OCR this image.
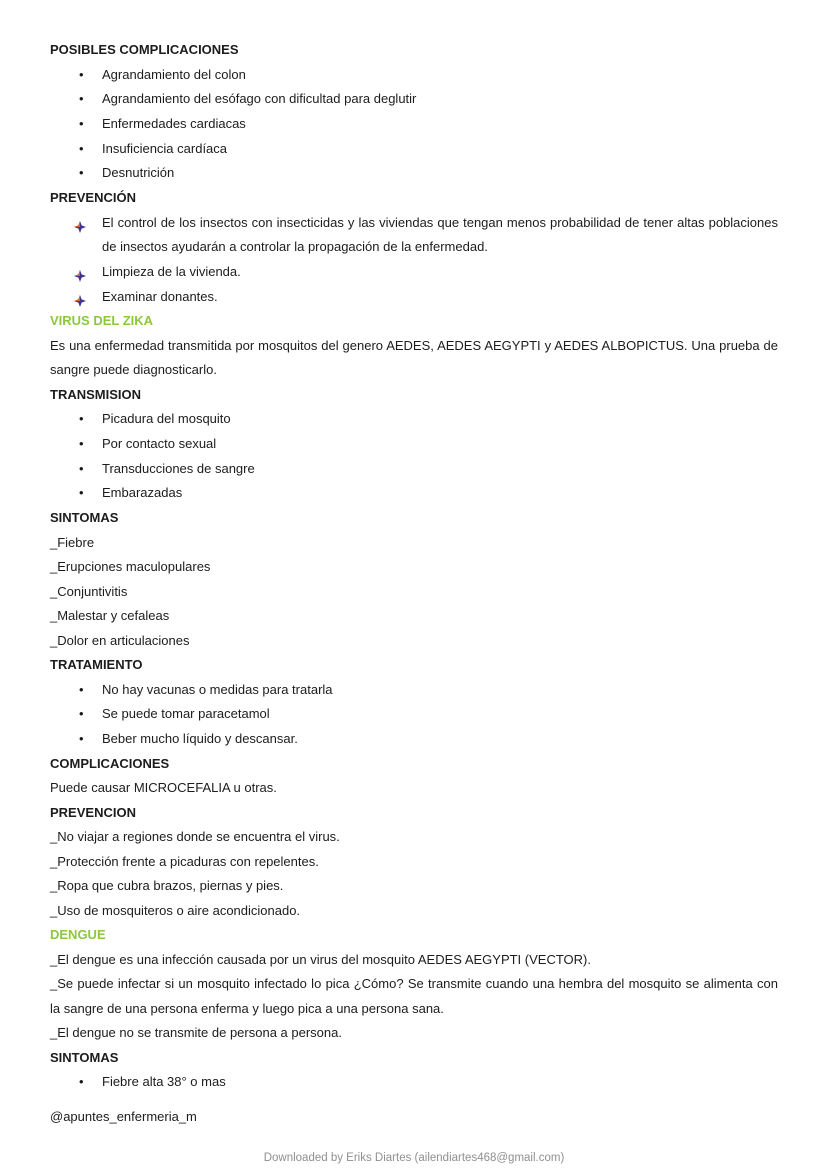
POSIBLES COMPLICACIONES

• Agrandamiento del colon
• Agrandamiento del esófago con dificultad para deglutir
• Enfermedades cardiacas
• Insuficiencia cardíaca
• Desnutrición

PREVENCIÓN

El control de los insectos con insecticidas y las viviendas que tengan menos probabilidad de tener altas poblaciones de insectos ayudarán a controlar la propagación de la enfermedad.
Limpieza de la vivienda.
Examinar donantes.

VIRUS DEL ZIKA

Es una enfermedad transmitida por mosquitos del genero AEDES, AEDES AEGYPTI y AEDES ALBOPICTUS. Una prueba de sangre puede diagnosticarlo.

TRANSMISION

• Picadura del mosquito
• Por contacto sexual
• Transducciones de sangre
• Embarazadas

SINTOMAS

_Fiebre

_Erupciones maculopulares

_Conjuntivitis

_Malestar y cefaleas

_Dolor en articulaciones

TRATAMIENTO

• No hay vacunas o medidas para tratarla
• Se puede tomar paracetamol
• Beber mucho líquido y descansar.

COMPLICACIONES

Puede causar MICROCEFALIA u otras.

PREVENCION

_No viajar a regiones donde se encuentra el virus.

_Protección frente a picaduras con repelentes.

_Ropa que cubra brazos, piernas y pies.

_Uso de mosquiteros o aire acondicionado.

DENGUE

_El dengue es una infección causada por un virus del mosquito AEDES AEGYPTI (VECTOR).

_Se puede infectar si un mosquito infectado lo pica ¿Cómo? Se transmite cuando una hembra del mosquito se alimenta con la sangre de una persona enferma y luego pica a una persona sana.

_El dengue no se transmite de persona a persona.

SINTOMAS

• Fiebre alta 38° o mas

@apuntes_enfermeria_m

Downloaded by Eriks Diartes (ailendiartes468@gmail.com)
